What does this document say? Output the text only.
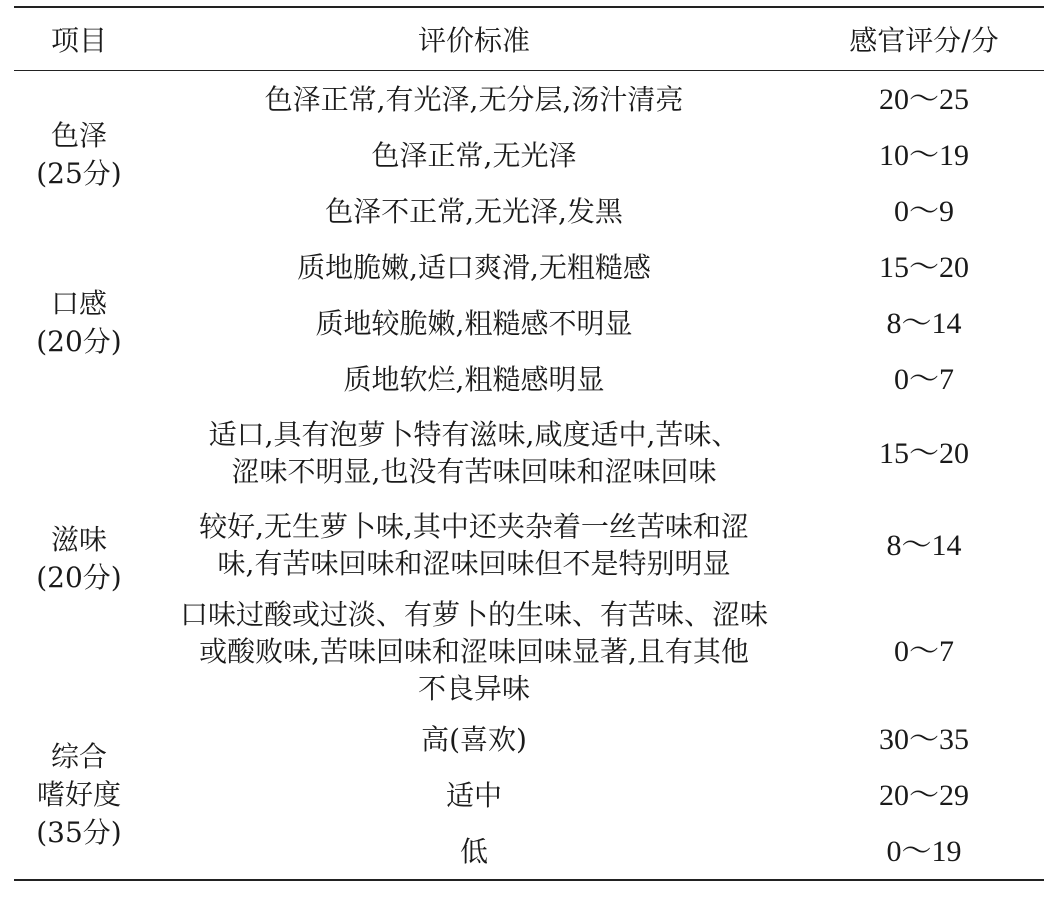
项目	评价标准	感官评分/分
色泽
(25分)	色泽正常,有光泽,无分层,汤汁清亮	20～25
	色泽正常,无光泽	10～19
	色泽不正常,无光泽,发黑	0～9
口感
(20分)	质地脆嫩,适口爽滑,无粗糙感	15～20
	质地较脆嫩,粗糙感不明显	8～14
	质地软烂,粗糙感明显	0～7
滋味
(20分)	适口,具有泡萝卜特有滋味,咸度适中,苦味、
涩味不明显,也没有苦味回味和涩味回味	15～20
	较好,无生萝卜味,其中还夹杂着一丝苦味和涩
味,有苦味回味和涩味回味但不是特别明显	8～14
	口味过酸或过淡、有萝卜的生味、有苦味、涩味
或酸败味,苦味回味和涩味回味显著,且有其他
不良异味	0～7
综合
嗜好度
(35分)	高(喜欢)	30～35
	适中	20～29
	低	0～19
